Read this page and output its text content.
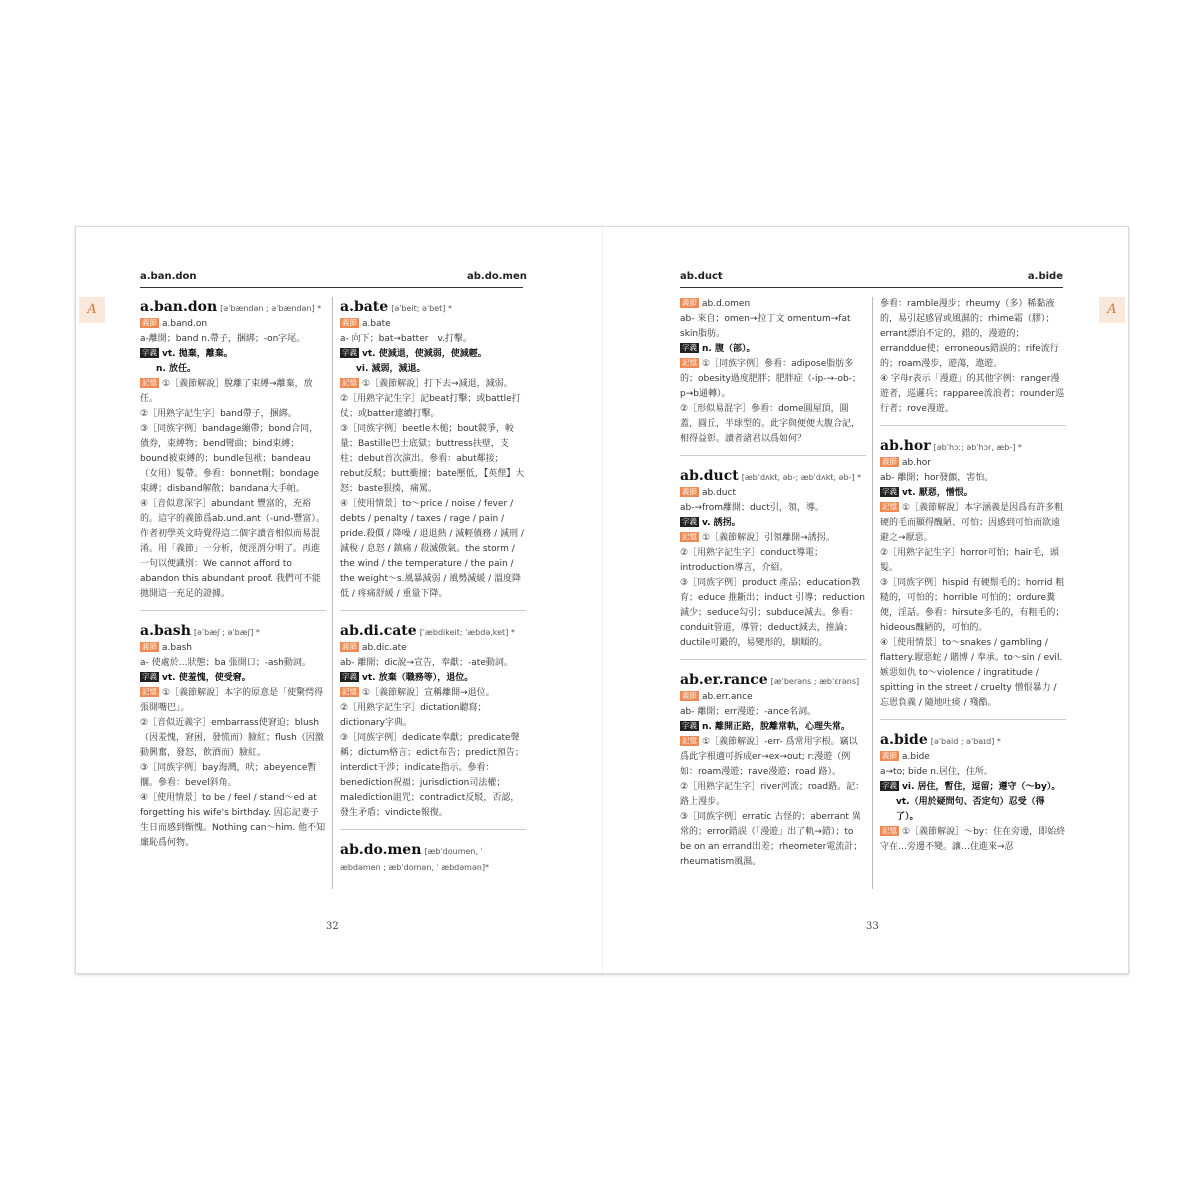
A
a.ban.don	ab.do.men
a.ban.don [əˈbændən ; əˈbændən] *
義節 a.band.on
a-離開；band n.帶子，捆綁；-on字尾。
字義 vt. 拋棄，離棄。
n. 放任。
記憶 ①［義節解說］脫離了束縛→離棄，放任。
②［用熟字記生字］band帶子，捆綁。
③［同族字例］bandage繃帶；bond合同，債券，束縛物；bend彎曲；bind束縛；bound被束縛的；bundle包袱；bandeau（女用）髮帶。參看：bonnet帽；bondage束縛；disband解散；bandana大手帕。
④［音似意深字］abundant 豐富的，充裕的。這字的義節爲ab.und.ant（-und-豐富）。作者初學英文時覺得這二個字讀音相似而易混淆。用「義節」一分析，便涇渭分明了。再進一句以便識別：We cannot afford to abandon this abundant proof. 我們可不能拋開這一充足的證據。
a.bash [əˈbæʃ ; əˈbæʃ] *
義節 a.bash
a- 使處於…狀態；ba 張開口；-ash動詞。
字義 vt. 使羞愧，使受窘。
記憶 ①［義節解說］本字的原意是「使驚愕得張開嘴巴」。
②［音似近義字］embarrass使窘迫；blush（因羞愧，窘困，發慌而）臉紅；flush（因激動興奮，發怒，飲酒而）臉紅。
③［同族字例］bay海灣，吠；abeyence暫擱。參看：bevel斜角。
④［使用情景］to be / feel / stand～ed at forgetting his wife's birthday. 因忘記妻子生日而感到惭愧。Nothing can～him. 他不知廉恥爲何物。
a.bate [əˈbeit; əˈbet] *
義節 a.bate
a- 向下；bat→batter　v.打擊。
字義 vt. 使減退，使減弱，使減輕。
vi. 減弱，減退。
記憶 ①［義節解說］打下去→減退，減弱。
②［用熟字記生字］記beat打擊；或battle打仗；或batter連續打擊。
③［同族字例］beetle木槌；bout競爭，較量；Bastille巴士底獄；buttress扶壁，支柱；debut首次演出。參看：abut鄰接；rebut反駁；butt衝撞；bate壓低，【英俚】大怒；baste狠揍，痛罵。
④［使用情景］to～price / noise / fever / debts / penalty / taxes / rage / pain / pride.殺價 / 降噪 / 退退熱 / 減輕債務 / 減刑 / 減稅 / 息怒 / 鎮痛 / 殺滅傲氣。the storm / the wind / the temperature / the pain / the weight～s.風暴減弱 / 風勢減緩 / 溫度降低 / 疼痛舒緩 / 重量下降。
ab.di.cate [ˈæbdikeit; ˈæbdə,ket] *
義節 ab.dic.ate
ab- 離開；dic說→宣告，奉獻；-ate動詞。
字義 vt. 放棄（職務等），退位。
記憶 ①［義節解說］宣稱離開→退位。
②［用熟字記生字］dictation聽寫；dictionary字典。
③［同族字例］dedicate奉獻；predicate聲稱；dictum格言；edict布告；predict預告；interdict干涉；indicate指示。參看：benediction祝福；jurisdiction司法權；malediction詛咒；contradict反駁，否認，發生矛盾；vindicte報復。
ab.do.men [æbˈdoumen, ˈ æbdəmen ; æbˈdomən, ˈ æbdəmən]*
32
ab.duct	a.bide
義節 ab.d.omen
ab- 來自；omen→拉丁文 omentum→fat skin脂肪。
字義 n. 腹（部）。
記憶 ①［同族字例］參看：adipose脂肪多的；obesity過度肥胖；肥胖症（-ip-→-ob-；p→b通轉）。
②［形似易混字］參看：dome圓屋頂，圓蓋，圓丘，半球型的。此字與便便大腹合記，相得益彰。讀者諸君以爲如何？
ab.duct [æbˈdʌkt, əb-; æbˈdʌkt, əb-] *
義節 ab.duct
ab-→from離開；duct引，領，導。
字義 v. 誘拐。
記憶 ①［義節解說］引領離開→誘拐。
②［用熟字記生字］conduct導電；introduction導言，介紹。
③［同族字例］product 產品；education教育；educe 推斷出；induct 引導；reduction減少；seduce勾引；subduce減去。參看：conduit管道，導管；deduct減去，推論；ductile可鍛的，易變形的，馴順的。
ab.er.rance [æˈberəns ; æbˈɛrəns]
義節 ab.err.ance
ab- 離開；err漫遊；-ance名詞。
字義 n. 離開正路，脫離常軌，心理失常。
記憶 ①［義節解說］-err- 爲常用字根。竊以爲此字根適可拆成er→ex→out; r:漫遊（例如：roam漫遊；rave漫遊；road 路）。
②［用熟字記生字］river河流；road路。記：路上漫步。
③［同族字例］erratic 古怪的；aberrant 異常的；error錯誤（「漫遊」出了軌→錯）；to be on an errand出差；rheometer電流計；rheumatism風濕。
參看：ramble漫步；rheumy（多）稀黏液的，易引起感冒或風濕的；rhime霜（膠）；errant漂泊不定的，錯的，漫遊的；erranddue使；erroneous錯誤的；rife流行的；roam漫步，遊蕩，遨遊。
④ 字母r表示「漫遊」的其他字例：ranger漫遊者，巡邏兵；rapparee流浪者；rounder巡行者；rove漫遊。
ab.hor [əbˈhɔː; əbˈhɔr, æb-] *
義節 ab.hor
ab- 離開；hor發顫，害怕。
字義 vt. 厭惡，憎恨。
記憶 ①［義節解說］本字涵義是因爲有許多粗硬的毛而顯得醜陋、可怕；因感到可怕而欲遠避之→厭惡。
②［用熟字記生字］horror可怕；hair毛，頭髮。
③［同族字例］hispid 有硬鬃毛的；horrid 粗糙的，可怕的；horrible 可怕的；ordure糞便，淫話。參看：hirsute多毛的，有粗毛的；hideous醜陋的，可怕的。
④［使用情景］to～snakes / gambling / flattery.厭惡蛇 / 賭博 / 奉承。to～sin / evil.嫉惡如仇 to～violence / ingratitude / spitting in the street / cruelty 憎恨暴力 / 忘恩負義 / 隨地吐痰 / 殘酷。
a.bide [əˈbaid ; əˈbaɪd] *
義節 a.bide
a→to; bide n.居住，住所。
字義 vi. 居住，暫住，逗留；遵守（～by）。
vt.（用於疑問句、否定句）忍受（得了）。
記憶 ①［義節解說］～by：住在旁邊，即始終守在…旁邊不變。讓…住進來→忍
33
A
